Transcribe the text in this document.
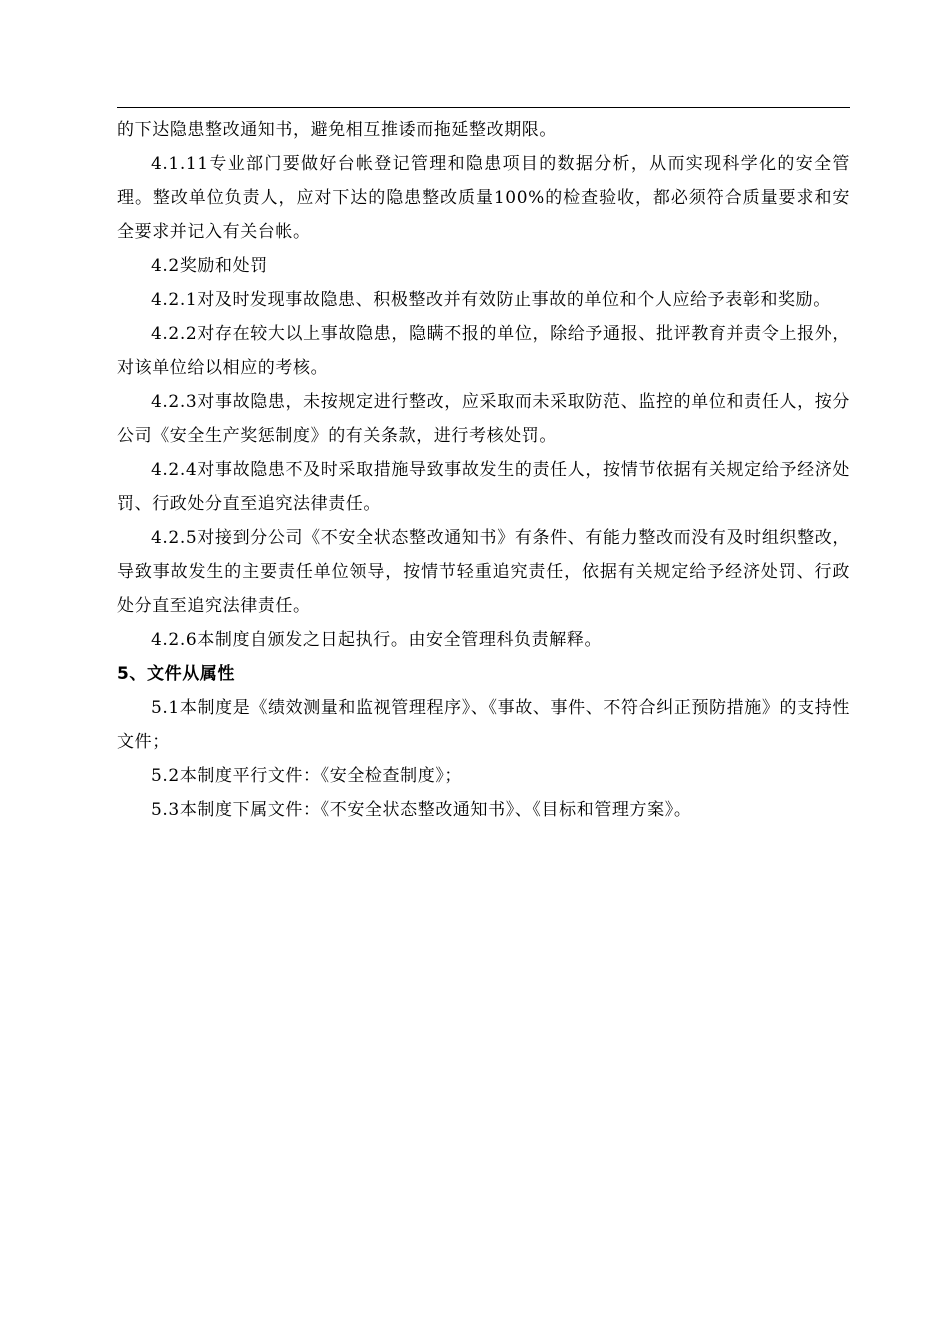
的下达隐患整改通知书，避免相互推诿而拖延整改期限。

4.1.11专业部门要做好台帐登记管理和隐患项目的数据分析，从而实现科学化的安全管理。整改单位负责人，应对下达的隐患整改质量100%的检查验收，都必须符合质量要求和安全要求并记入有关台帐。

4.2奖励和处罚

4.2.1对及时发现事故隐患、积极整改并有效防止事故的单位和个人应给予表彰和奖励。

4.2.2对存在较大以上事故隐患，隐瞒不报的单位，除给予通报、批评教育并责令上报外，对该单位给以相应的考核。

4.2.3对事故隐患，未按规定进行整改，应采取而未采取防范、监控的单位和责任人，按分公司《安全生产奖惩制度》的有关条款，进行考核处罚。

4.2.4对事故隐患不及时采取措施导致事故发生的责任人，按情节依据有关规定给予经济处罚、行政处分直至追究法律责任。

4.2.5对接到分公司《不安全状态整改通知书》有条件、有能力整改而没有及时组织整改，导致事故发生的主要责任单位领导，按情节轻重追究责任，依据有关规定给予经济处罚、行政处分直至追究法律责任。

4.2.6本制度自颁发之日起执行。由安全管理科负责解释。

5、文件从属性

5.1本制度是《绩效测量和监视管理程序》、《事故、事件、不符合纠正预防措施》的支持性文件；

5.2本制度平行文件：《安全检查制度》；

5.3本制度下属文件：《不安全状态整改通知书》、《目标和管理方案》。
